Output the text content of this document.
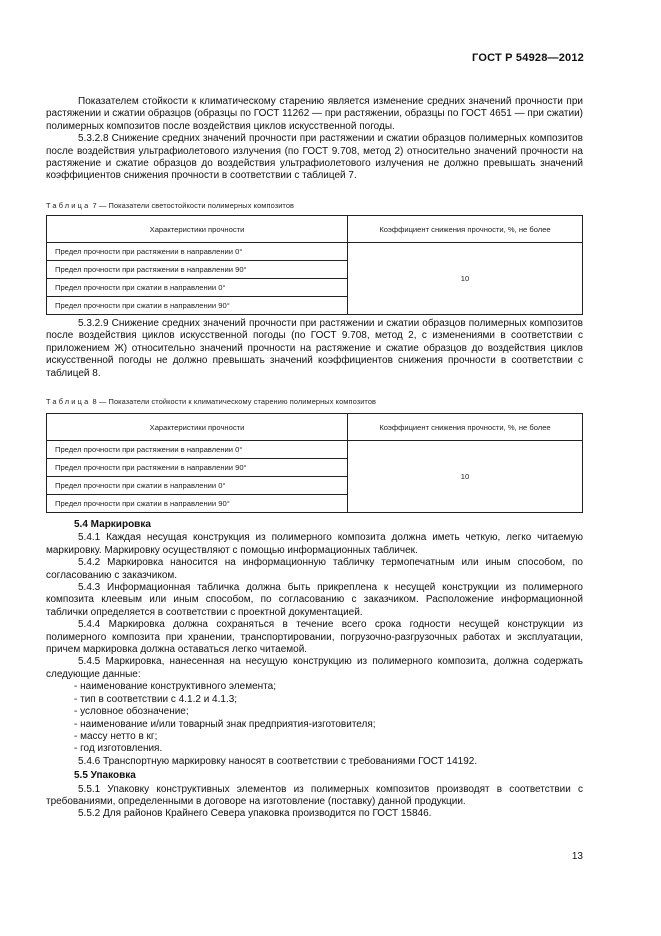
ГОСТ Р 54928—2012

Показателем стойкости к климатическому старению является изменение средних значений прочности при растяжении и сжатии образцов (образцы по ГОСТ 11262 — при растяжении, образцы по ГОСТ 4651 — при сжатии) полимерных композитов после воздействия циклов искусственной погоды.

5.3.2.8 Снижение средних значений прочности при растяжении и сжатии образцов полимерных композитов после воздействия ультрафиолетового излучения (по ГОСТ 9.708, метод 2) относительно значений прочности на растяжение и сжатие образцов до воздействия ультрафиолетового излучения не должно превышать значений коэффициентов снижения прочности в соответствии с таблицей 7.

Таблица 7 — Показатели светостойкости полимерных композитов
Характеристики прочности	Коэффициент снижения прочности, %, не более
Предел прочности при растяжении в направлении 0°	10
Предел прочности при растяжении в направлении 90°	
Предел прочности при сжатии в направлении 0°	
Предел прочности при сжатии в направлении 90°	

5.3.2.9 Снижение средних значений прочности при растяжении и сжатии образцов полимерных композитов после воздействия циклов искусственной погоды (по ГОСТ 9.708, метод 2, с изменениями в соответствии с приложением Ж) относительно значений прочности на растяжение и сжатие образцов до воздействия циклов искусственной погоды не должно превышать значений коэффициентов снижения прочности в соответствии с таблицей 8.

Таблица 8 — Показатели стойкости к климатическому старению полимерных композитов
Характеристики прочности	Коэффициент снижения прочности, %, не более
Предел прочности при растяжении в направлении 0°	10
Предел прочности при растяжении в направлении 90°	
Предел прочности при сжатии в направлении 0°	
Предел прочности при сжатии в направлении 90°	

5.4 Маркировка

5.4.1 Каждая несущая конструкция из полимерного композита должна иметь четкую, легко читаемую маркировку. Маркировку осуществляют с помощью информационных табличек.

5.4.2 Маркировка наносится на информационную табличку термопечатным или иным способом, по согласованию с заказчиком.

5.4.3 Информационная табличка должна быть прикреплена к несущей конструкции из полимерного композита клеевым или иным способом, по согласованию с заказчиком. Расположение информационной таблички определяется в соответствии с проектной документацией.

5.4.4 Маркировка должна сохраняться в течение всего срока годности несущей конструкции из полимерного композита при хранении, транспортировании, погрузочно-разгрузочных работах и эксплуатации, причем маркировка должна оставаться легко читаемой.

5.4.5 Маркировка, нанесенная на несущую конструкцию из полимерного композита, должна содержать следующие данные:

- наименование конструктивного элемента;

- тип в соответствии с 4.1.2 и 4.1.3;

- условное обозначение;

- наименование и/или товарный знак предприятия-изготовителя;

- массу нетто в кг;

- год изготовления.

5.4.6 Транспортную маркировку наносят в соответствии с требованиями ГОСТ 14192.

5.5 Упаковка

5.5.1 Упаковку конструктивных элементов из полимерных композитов производят в соответствии с требованиями, определенными в договоре на изготовление (поставку) данной продукции.

5.5.2 Для районов Крайнего Севера упаковка производится по ГОСТ 15846.

13
